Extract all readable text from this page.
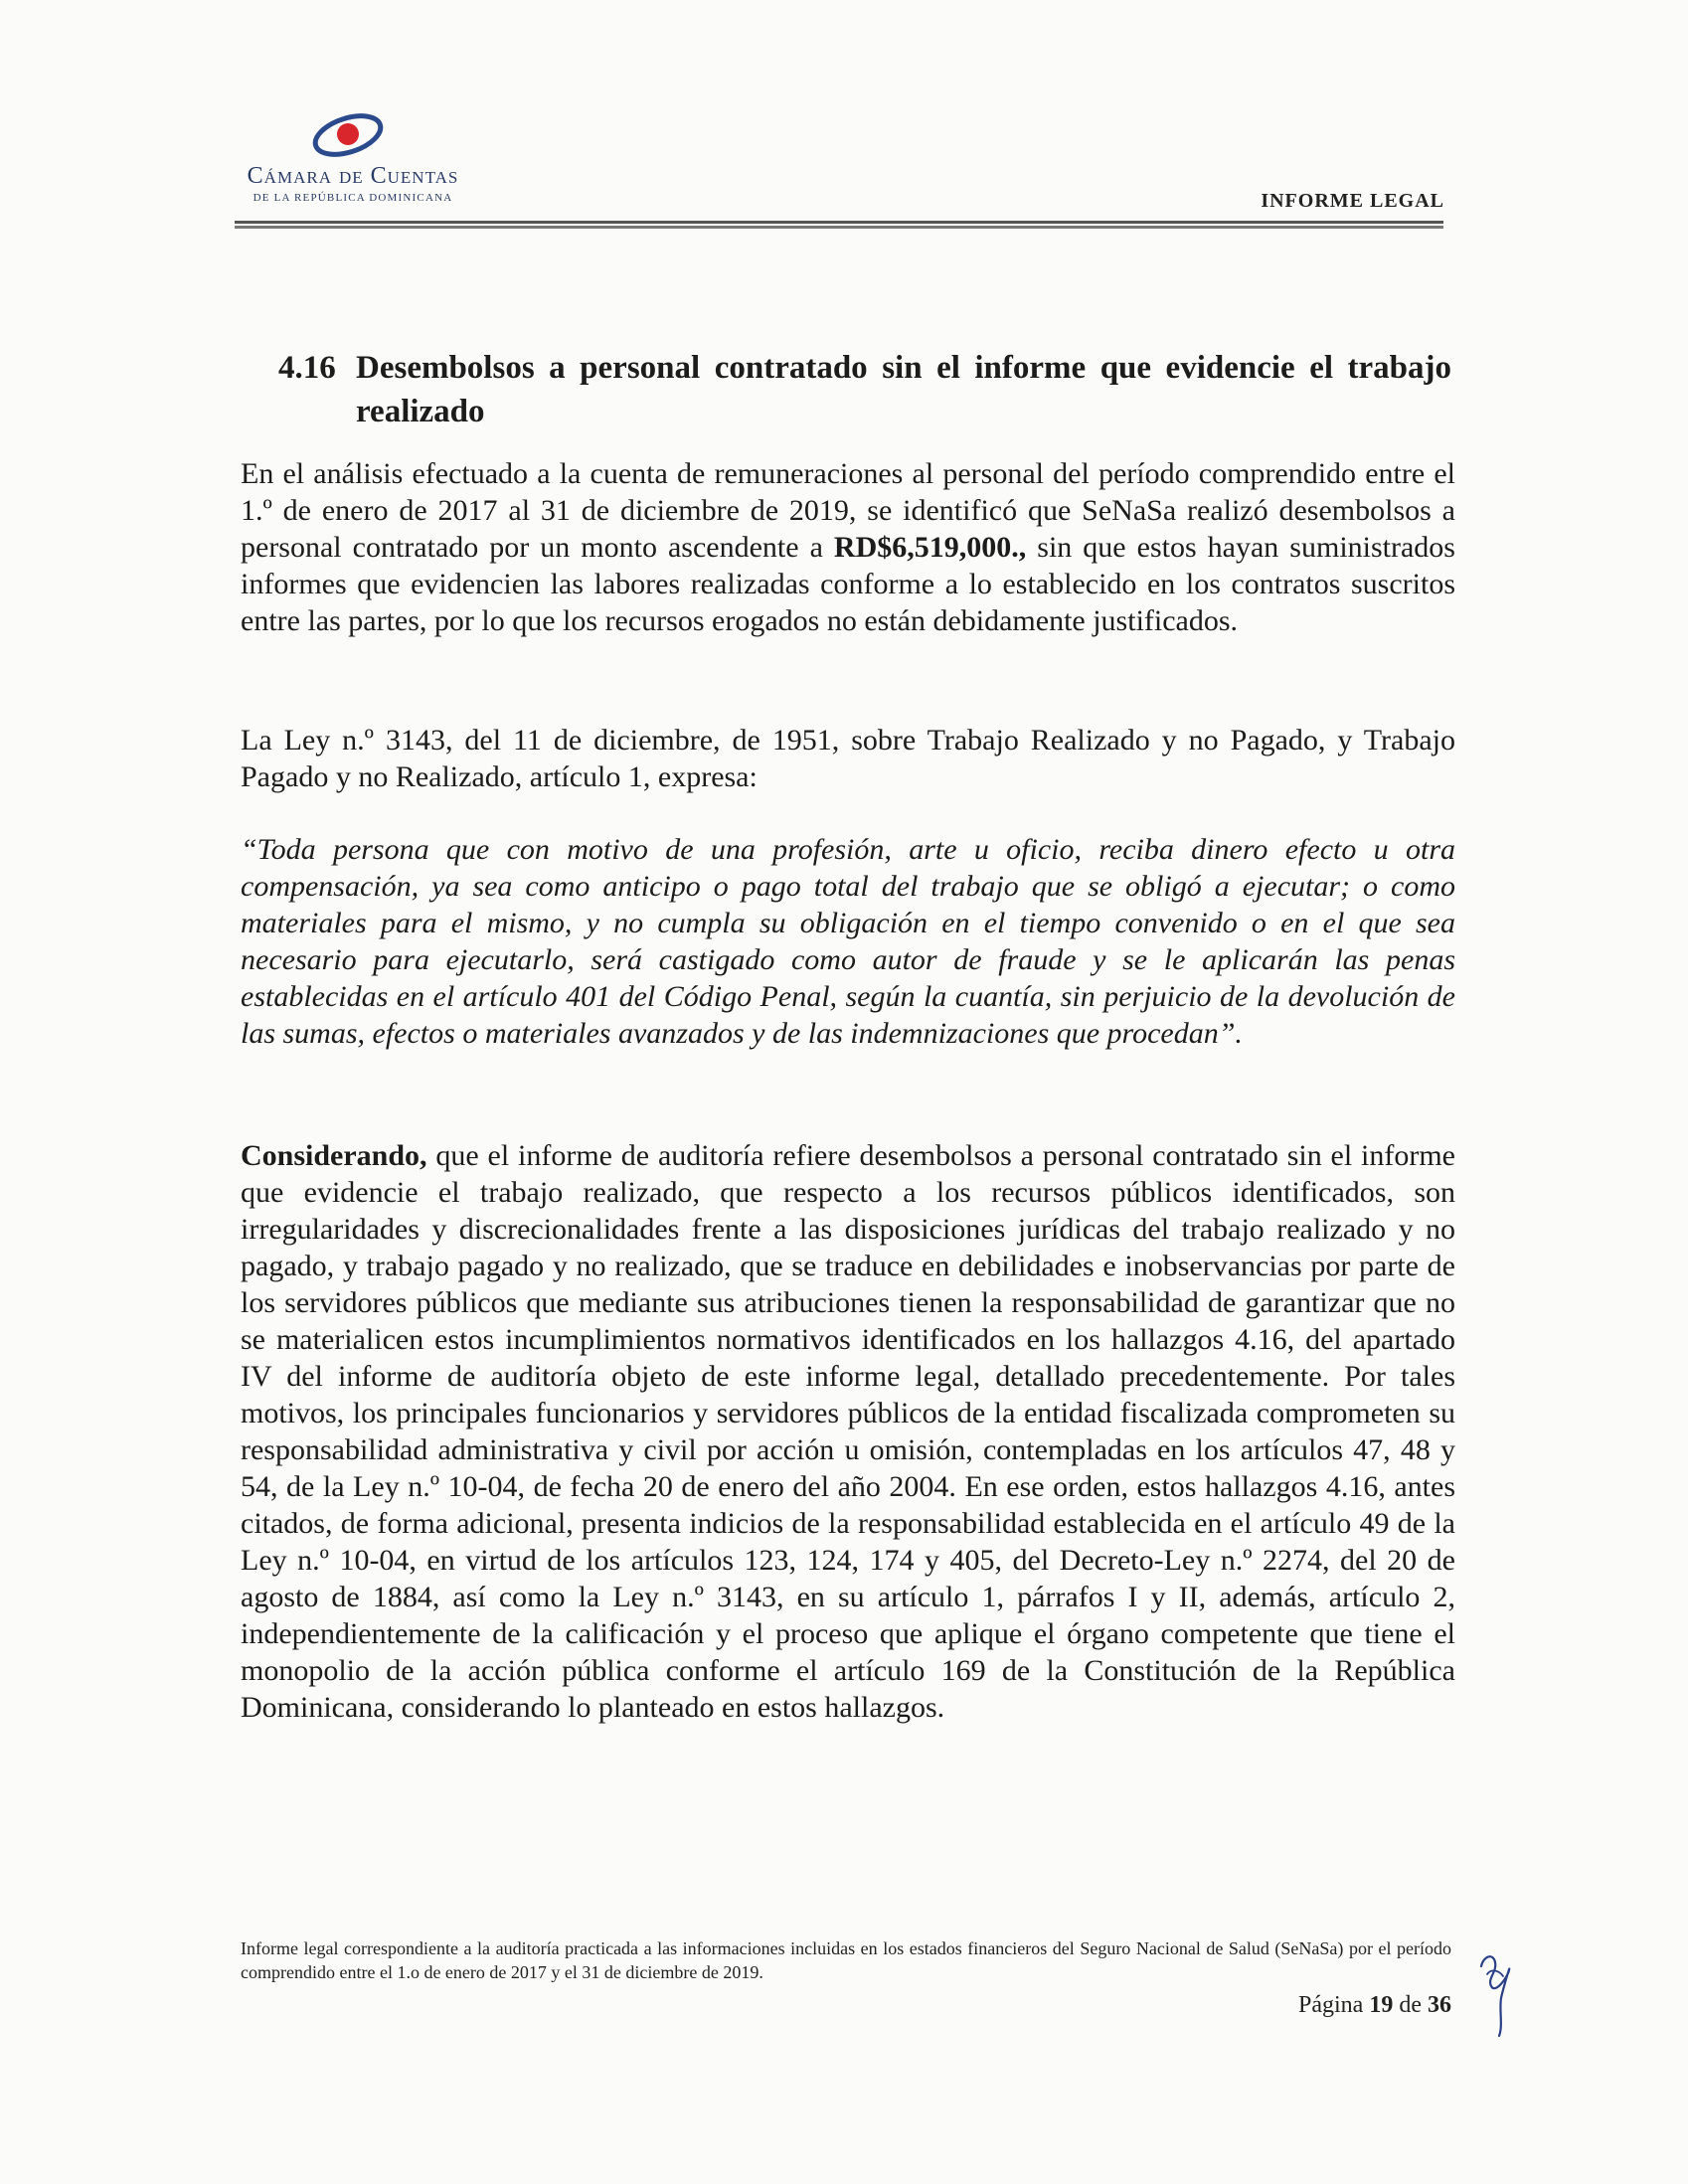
Cámara de Cuentas
DE LA REPÚBLICA DOMINICANA	INFORME LEGAL
4.16 Desembolsos a personal contratado sin el informe que evidencie el trabajo realizado
En el análisis efectuado a la cuenta de remuneraciones al personal del período comprendido entre el 1.º de enero de 2017 al 31 de diciembre de 2019, se identificó que SeNaSa realizó desembolsos a personal contratado por un monto ascendente a RD$6,519,000., sin que estos hayan suministrados informes que evidencien las labores realizadas conforme a lo establecido en los contratos suscritos entre las partes, por lo que los recursos erogados no están debidamente justificados.
La Ley n.º 3143, del 11 de diciembre, de 1951, sobre Trabajo Realizado y no Pagado, y Trabajo Pagado y no Realizado, artículo 1, expresa:
“Toda persona que con motivo de una profesión, arte u oficio, reciba dinero efecto u otra compensación, ya sea como anticipo o pago total del trabajo que se obligó a ejecutar; o como materiales para el mismo, y no cumpla su obligación en el tiempo convenido o en el que sea necesario para ejecutarlo, será castigado como autor de fraude y se le aplicarán las penas establecidas en el artículo 401 del Código Penal, según la cuantía, sin perjuicio de la devolución de las sumas, efectos o materiales avanzados y de las indemnizaciones que procedan”.
Considerando, que el informe de auditoría refiere desembolsos a personal contratado sin el informe que evidencie el trabajo realizado, que respecto a los recursos públicos identificados, son irregularidades y discrecionalidades frente a las disposiciones jurídicas del trabajo realizado y no pagado, y trabajo pagado y no realizado, que se traduce en debilidades e inobservancias por parte de los servidores públicos que mediante sus atribuciones tienen la responsabilidad de garantizar que no se materialicen estos incumplimientos normativos identificados en los hallazgos 4.16, del apartado IV del informe de auditoría objeto de este informe legal, detallado precedentemente. Por tales motivos, los principales funcionarios y servidores públicos de la entidad fiscalizada comprometen su responsabilidad administrativa y civil por acción u omisión, contempladas en los artículos 47, 48 y 54, de la Ley n.º 10-04, de fecha 20 de enero del año 2004. En ese orden, estos hallazgos 4.16, antes citados, de forma adicional, presenta indicios de la responsabilidad establecida en el artículo 49 de la Ley n.º 10-04, en virtud de los artículos 123, 124, 174 y 405, del Decreto-Ley n.º 2274, del 20 de agosto de 1884, así como la Ley n.º 3143, en su artículo 1, párrafos I y II, además, artículo 2, independientemente de la calificación y el proceso que aplique el órgano competente que tiene el monopolio de la acción pública conforme el artículo 169 de la Constitución de la República Dominicana, considerando lo planteado en estos hallazgos.
Informe legal correspondiente a la auditoría practicada a las informaciones incluidas en los estados financieros del Seguro Nacional de Salud (SeNaSa) por el período comprendido entre el 1.o de enero de 2017 y el 31 de diciembre de 2019.
Página 19 de 36
